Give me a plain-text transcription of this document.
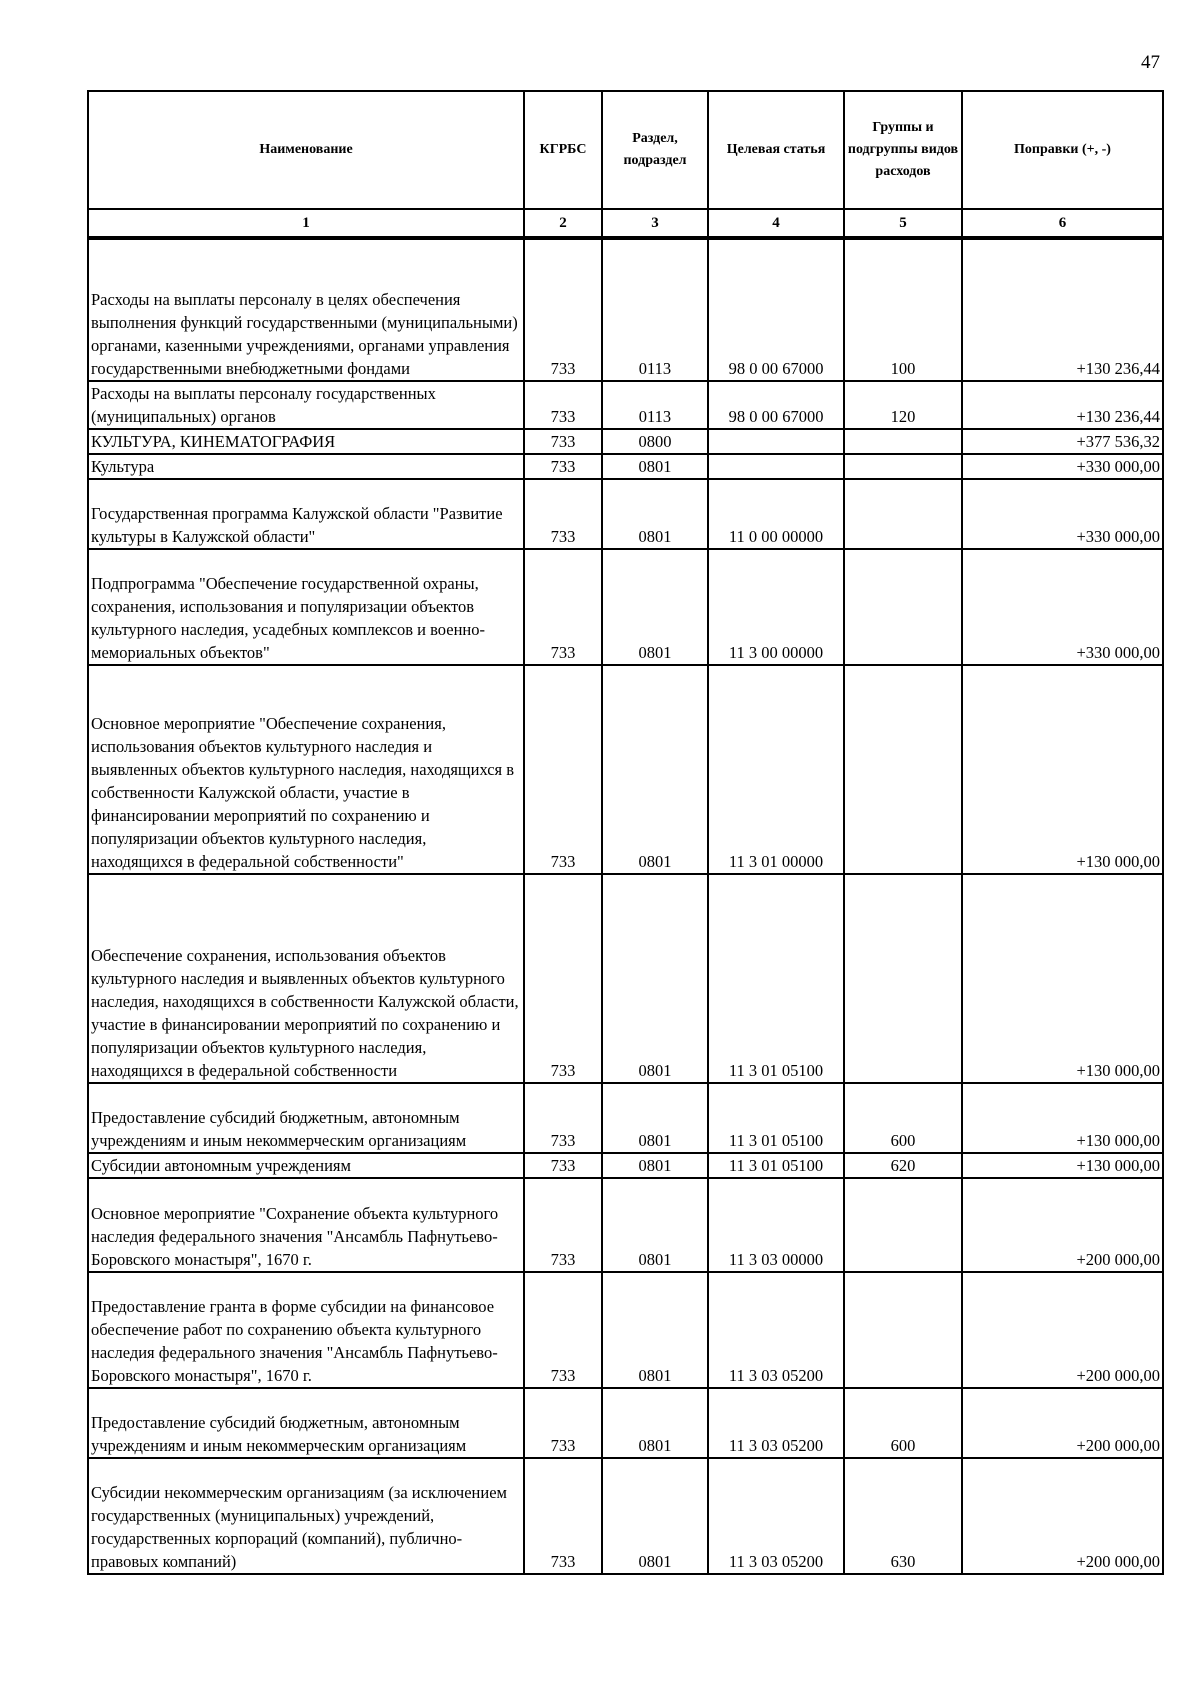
47
Наименование	КГРБС	Раздел, подраздел	Целевая статья	Группы и подгруппы видов расходов	Поправки (+, -)
1	2	3	4	5	6
Расходы на выплаты персоналу в целях обеспечения выполнения функций государственными (муниципальными) органами, казенными учреждениями, органами управления государственными внебюджетными фондами	733	0113	98 0 00 67000	100	+130 236,44
Расходы на выплаты персоналу государственных (муниципальных) органов	733	0113	98 0 00 67000	120	+130 236,44
КУЛЬТУРА, КИНЕМАТОГРАФИЯ	733	0800			+377 536,32
Культура	733	0801			+330 000,00
Государственная программа Калужской области "Развитие культуры в Калужской области"	733	0801	11 0 00 00000		+330 000,00
Подпрограмма "Обеспечение государственной охраны, сохранения, использования и популяризации объектов культурного наследия, усадебных комплексов и военно-мемориальных объектов"	733	0801	11 3 00 00000		+330 000,00
Основное мероприятие "Обеспечение сохранения, использования объектов культурного наследия и выявленных объектов культурного наследия, находящихся в собственности Калужской области, участие в финансировании мероприятий по сохранению и популяризации объектов культурного наследия, находящихся в федеральной собственности"	733	0801	11 3 01 00000		+130 000,00
Обеспечение сохранения, использования объектов культурного наследия и выявленных объектов культурного наследия, находящихся в собственности Калужской области, участие в финансировании мероприятий по сохранению и популяризации объектов культурного наследия, находящихся в федеральной собственности	733	0801	11 3 01 05100		+130 000,00
Предоставление субсидий бюджетным, автономным учреждениям и иным некоммерческим организациям	733	0801	11 3 01 05100	600	+130 000,00
Субсидии автономным учреждениям	733	0801	11 3 01 05100	620	+130 000,00
Основное мероприятие "Сохранение объекта культурного наследия федерального значения "Ансамбль Пафнутьево-Боровского монастыря", 1670 г.	733	0801	11 3 03 00000		+200 000,00
Предоставление гранта в форме субсидии на финансовое обеспечение работ по сохранению объекта культурного наследия федерального значения "Ансамбль Пафнутьево-Боровского монастыря", 1670 г.	733	0801	11 3 03 05200		+200 000,00
Предоставление субсидий бюджетным, автономным учреждениям и иным некоммерческим организациям	733	0801	11 3 03 05200	600	+200 000,00
Субсидии некоммерческим организациям (за исключением государственных (муниципальных) учреждений, государственных корпораций (компаний), публично-правовых компаний)	733	0801	11 3 03 05200	630	+200 000,00
